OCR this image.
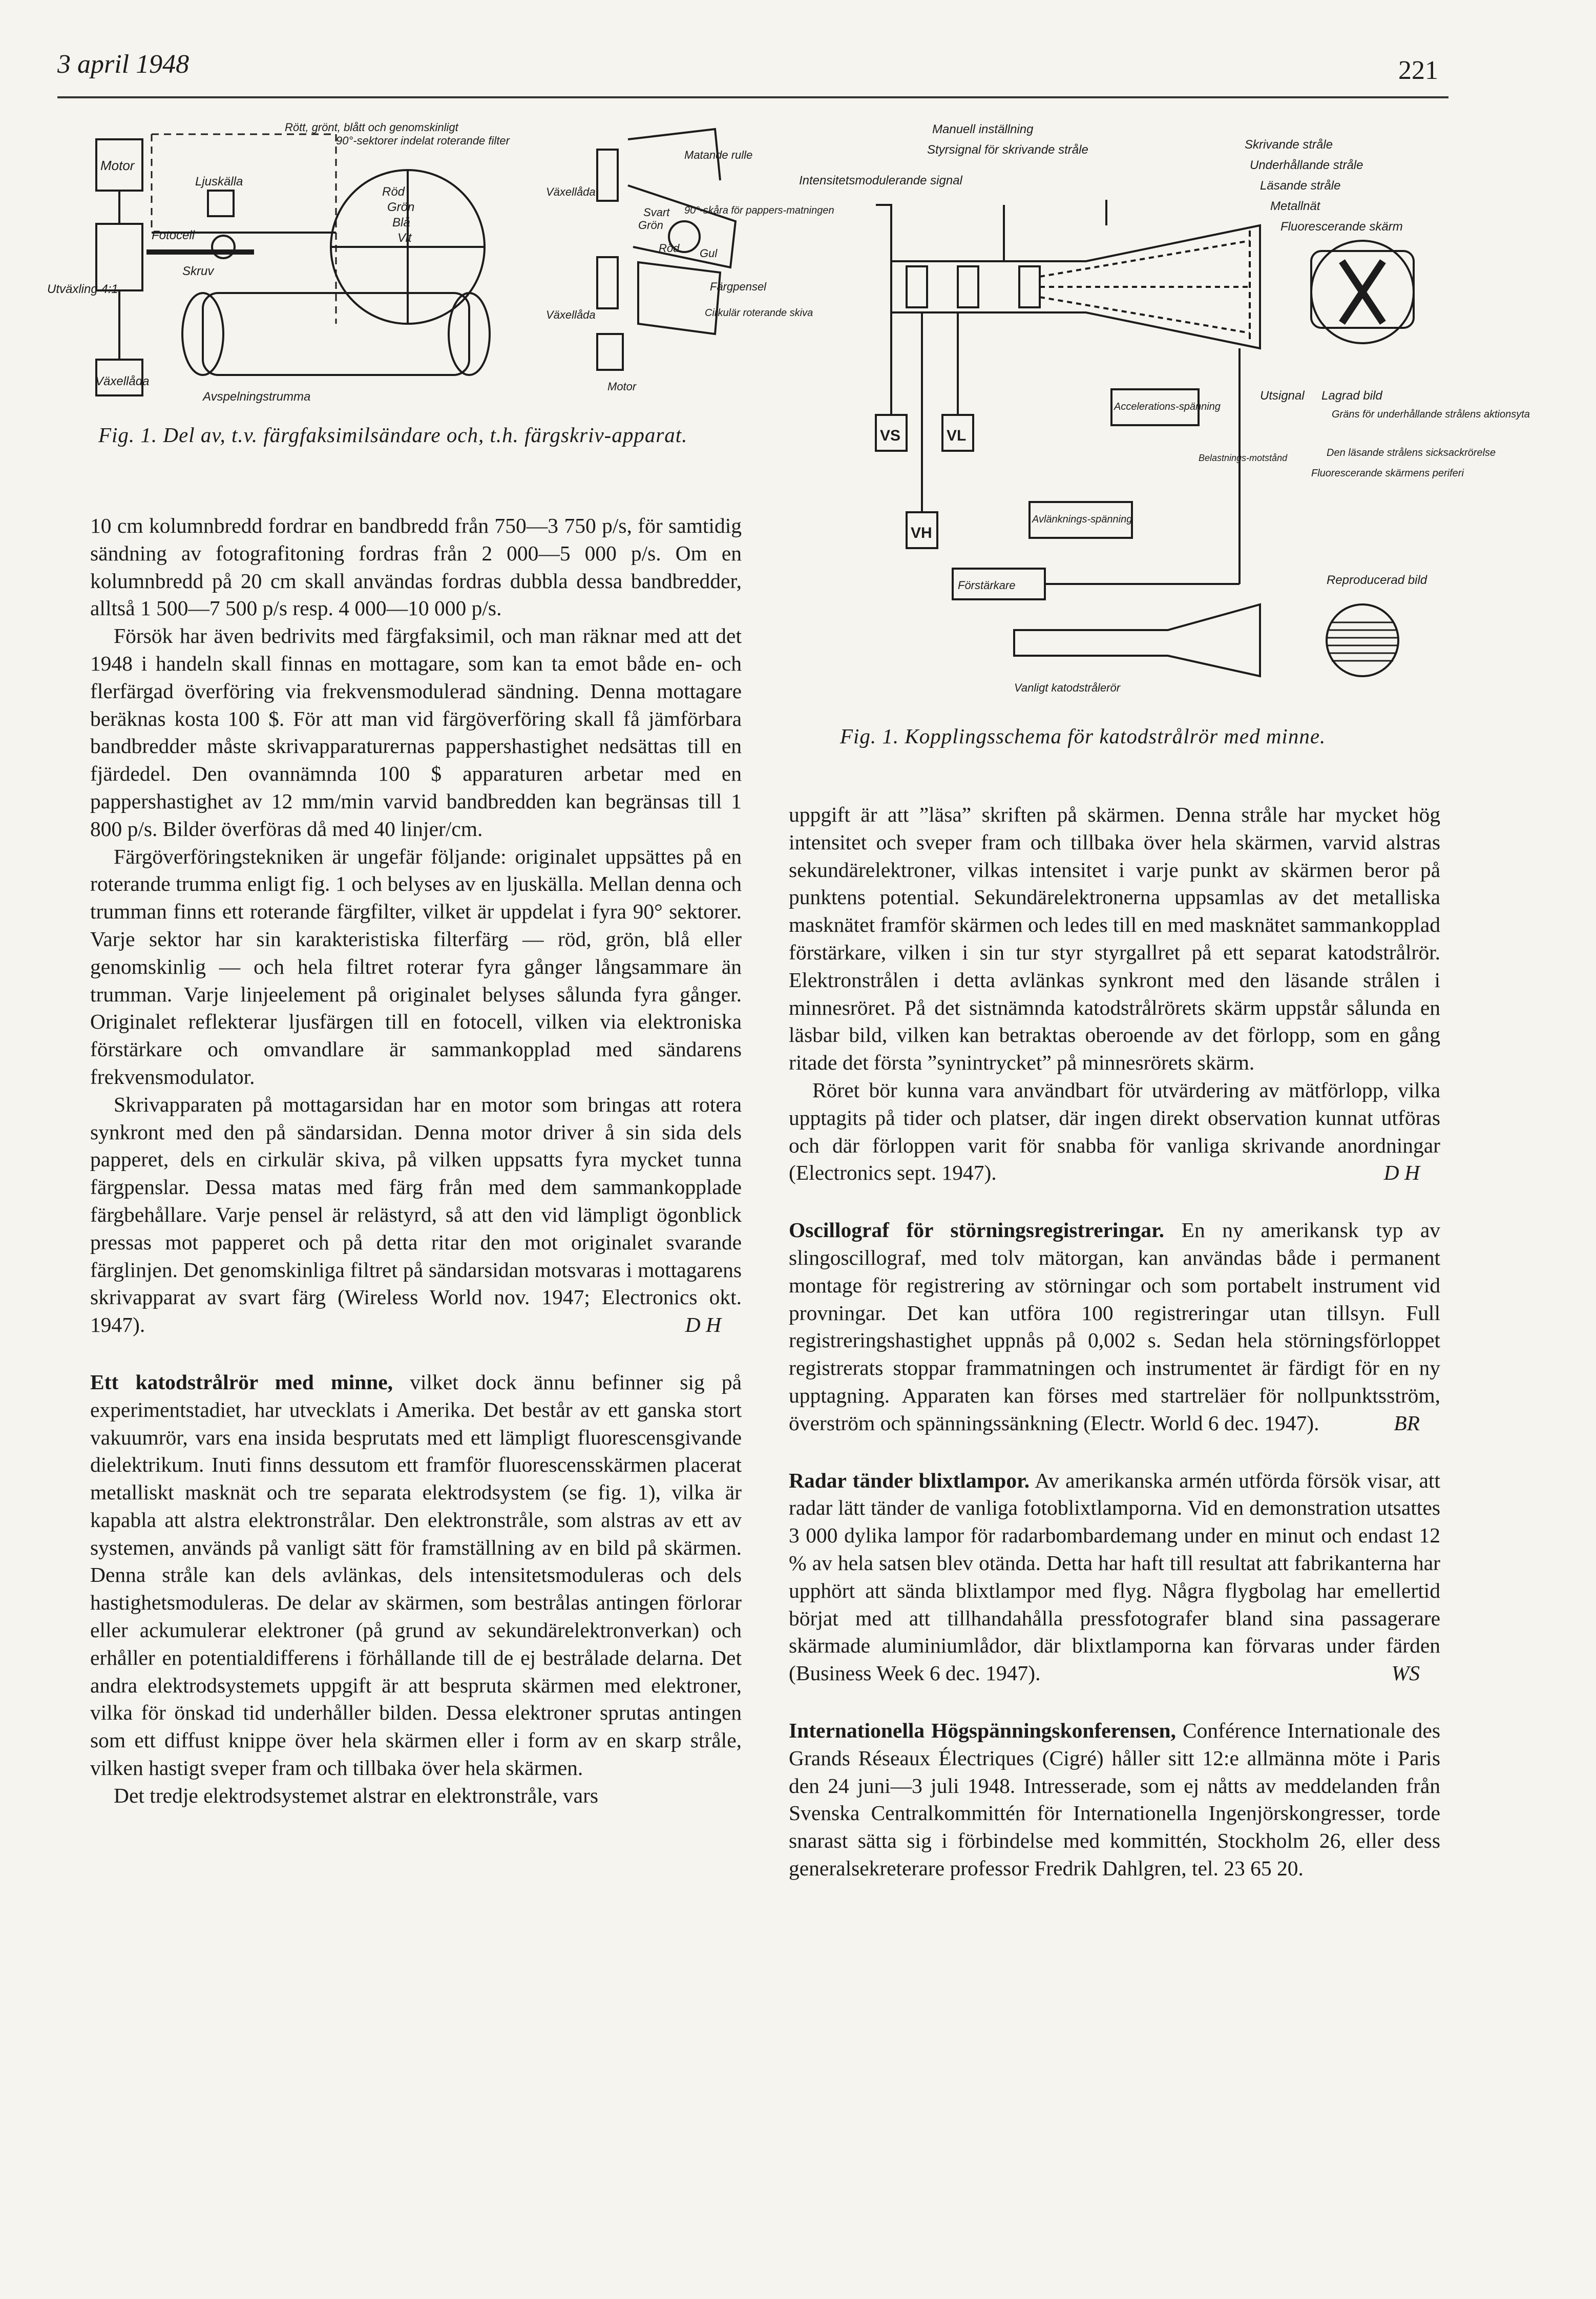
3 april 1948	221
Motor
Rött, grönt, blått och genomskinligt
90°-sektorer indelat roterande filter
Ljuskälla
Fotocell
Skruv
Utväxling 4:1
Växellåda
Avspelningstrumma
Röd
Grön
Blå
Vit
Matande rulle
Växellåda
Svart 90°-skåra för pappers-matningen
Grön
Röd Gul
Färgpensel
Cirkulär roterande skiva
Växellåda
Motor
Fig. 1. Del av, t.v. färgfaksimilsändare och, t.h. färgskriv-apparat.
Intensitetsmodulerande signal
Manuell inställning
Styrsignal för skrivande stråle	Skrivande stråle
Underhållande stråle
Läsande stråle
Metallnät
Fluorescerande skärm
VS	VL
VH
Accelerations-spänning
Utsignal Lagrad bild
Gräns för underhållande strålens aktionsyta
Den läsande strålens sicksackrörelse
Fluorescerande skärmens periferi
Belastnings-motstånd
Avlänknings-spänning
Förstärkare	Reproducerad bild
Vanligt katodstrålerör
Fig. 1. Kopplingsschema för katodstrålrör med minne.

10 cm kolumnbredd fordrar en bandbredd från 750—3 750 p/s, för samtidig sändning av fotografitoning fordras från 2 000—5 000 p/s. Om en kolumnbredd på 20 cm skall användas fordras dubbla dessa bandbredder, alltså 1 500—7 500 p/s resp. 4 000—10 000 p/s.

Försök har även bedrivits med färgfaksimil, och man räknar med att det 1948 i handeln skall finnas en mottagare, som kan ta emot både en- och flerfärgad överföring via frekvensmodulerad sändning. Denna mottagare beräknas kosta 100 $. För att man vid färgöverföring skall få jämförbara bandbredder måste skrivapparaturernas pappershastighet nedsättas till en fjärdedel. Den ovannämnda 100 $ apparaturen arbetar med en pappershastighet av 12 mm/min varvid bandbredden kan begränsas till 1 800 p/s. Bilder överföras då med 40 linjer/cm.

Färgöverföringstekniken är ungefär följande: originalet uppsättes på en roterande trumma enligt fig. 1 och belyses av en ljuskälla. Mellan denna och trumman finns ett roterande färgfilter, vilket är uppdelat i fyra 90° sektorer. Varje sektor har sin karakteristiska filterfärg — röd, grön, blå eller genomskinlig — och hela filtret roterar fyra gånger långsammare än trumman. Varje linjeelement på originalet belyses sålunda fyra gånger. Originalet reflekterar ljusfärgen till en fotocell, vilken via elektroniska förstärkare och omvandlare är sammankopplad med sändarens frekvensmodulator.

Skrivapparaten på mottagarsidan har en motor som bringas att rotera synkront med den på sändarsidan. Denna motor driver å sin sida dels papperet, dels en cirkulär skiva, på vilken uppsatts fyra mycket tunna färgpenslar. Dessa matas med färg från med dem sammankopplade färgbehållare. Varje pensel är relästyrd, så att den vid lämpligt ögonblick pressas mot papperet och på detta ritar den mot originalet svarande färglinjen. Det genomskinliga filtret på sändarsidan motsvaras i mottagarens skrivapparat av svart färg (Wireless World nov. 1947; Electronics okt. 1947).	D H

Ett katodstrålrör med minne, vilket dock ännu befinner sig på experimentstadiet, har utvecklats i Amerika. Det består av ett ganska stort vakuumrör, vars ena insida besprutats med ett lämpligt fluorescensgivande dielektrikum. Inuti finns dessutom ett framför fluorescensskärmen placerat metalliskt masknät och tre separata elektrodsystem (se fig. 1), vilka är kapabla att alstra elektronstrålar. Den elektronstråle, som alstras av ett av systemen, används på vanligt sätt för framställning av en bild på skärmen. Denna stråle kan dels avlänkas, dels intensitetsmoduleras och dels hastighetsmoduleras. De delar av skärmen, som bestrålas antingen förlorar eller ackumulerar elektroner (på grund av sekundärelektronverkan) och erhåller en potentialdifferens i förhållande till de ej bestrålade delarna. Det andra elektrodsystemets uppgift är att bespruta skärmen med elektroner, vilka för önskad tid underhåller bilden. Dessa elektroner sprutas antingen som ett diffust knippe över hela skärmen eller i form av en skarp stråle, vilken hastigt sveper fram och tillbaka över hela skärmen.

Det tredje elektrodsystemet alstrar en elektronstråle, vars

uppgift är att ”läsa” skriften på skärmen. Denna stråle har mycket hög intensitet och sveper fram och tillbaka över hela skärmen, varvid alstras sekundärelektroner, vilkas intensitet i varje punkt av skärmen beror på punktens potential. Sekundärelektronerna uppsamlas av det metalliska masknätet framför skärmen och ledes till en med masknätet sammankopplad förstärkare, vilken i sin tur styr styrgallret på ett separat katodstrålrör. Elektronstrålen i detta avlänkas synkront med den läsande strålen i minnesröret. På det sistnämnda katodstrålrörets skärm uppstår sålunda en läsbar bild, vilken kan betraktas oberoende av det förlopp, som en gång ritade det första ”synintrycket” på minnesrörets skärm.

Röret bör kunna vara användbart för utvärdering av mätförlopp, vilka upptagits på tider och platser, där ingen direkt observation kunnat utföras och där förloppen varit för snabba för vanliga skrivande anordningar (Electronics sept. 1947).	D H

Oscillograf för störningsregistreringar. En ny amerikansk typ av slingoscillograf, med tolv mätorgan, kan användas både i permanent montage för registrering av störningar och som portabelt instrument vid provningar. Det kan utföra 100 registreringar utan tillsyn. Full registreringshastighet uppnås på 0,002 s. Sedan hela störningsförloppet registrerats stoppar frammatningen och instrumentet är färdigt för en ny upptagning. Apparaten kan förses med startreläer för nollpunktsström, överström och spänningssänkning (Electr. World 6 dec. 1947).	BR

Radar tänder blixtlampor. Av amerikanska armén utförda försök visar, att radar lätt tänder de vanliga fotoblixtlamporna. Vid en demonstration utsattes 3 000 dylika lampor för radarbombardemang under en minut och endast 12 % av hela satsen blev otända. Detta har haft till resultat att fabrikanterna har upphört att sända blixtlampor med flyg. Några flygbolag har emellertid börjat med att tillhandahålla pressfotografer bland sina passagerare skärmade aluminiumlådor, där blixtlamporna kan förvaras under färden (Business Week 6 dec. 1947).	WS

Internationella Högspänningskonferensen, Conférence Internationale des Grands Réseaux Électriques (Cigré) håller sitt 12:e allmänna möte i Paris den 24 juni—3 juli 1948. Intresserade, som ej nåtts av meddelanden från Svenska Centralkommittén för Internationella Ingenjörskongresser, torde snarast sätta sig i förbindelse med kommittén, Stockholm 26, eller dess generalsekreterare professor Fredrik Dahlgren, tel. 23 65 20.
